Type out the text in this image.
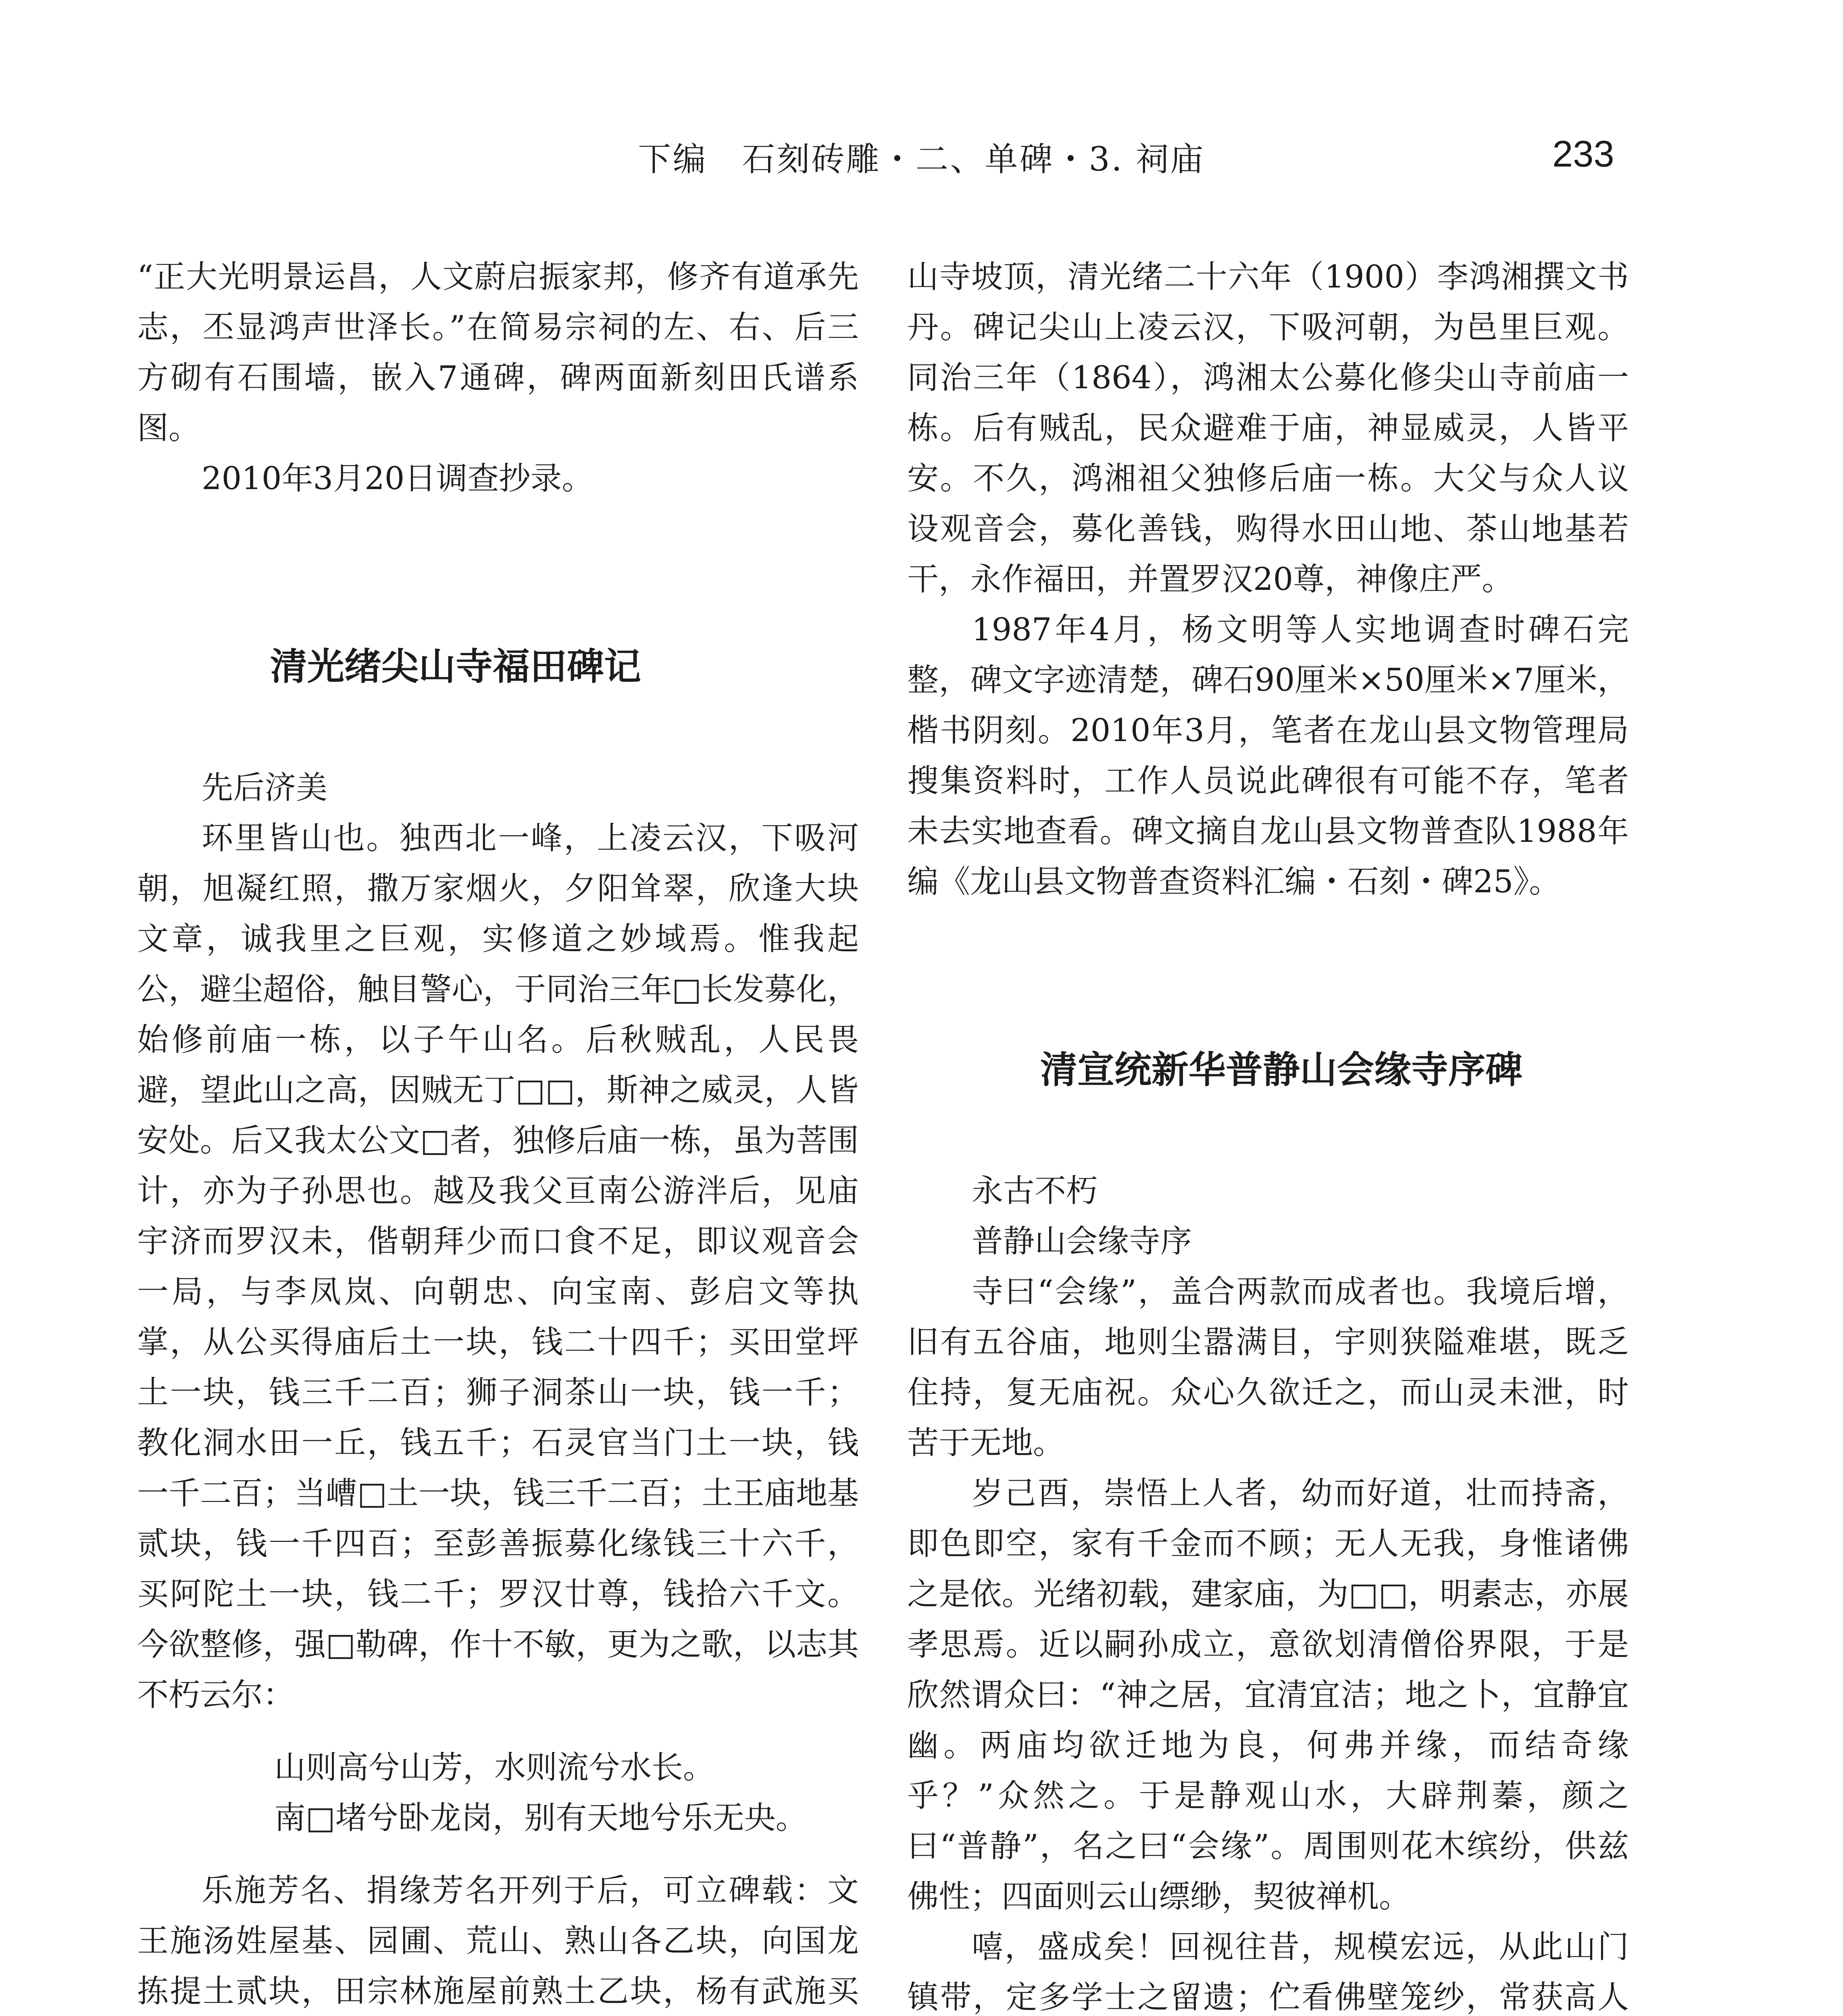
下编　石刻砖雕・二、单碑・3. 祠庙	233

“正大光明景运昌，人文蔚启振家邦，修齐有道承先志，丕显鸿声世泽长。”在简易宗祠的左、右、后三方砌有石围墙，嵌入7通碑，碑两面新刻田氏谱系图。

2010年3月20日调查抄录。

清光绪尖山寺福田碑记

先后济美

环里皆山也。独西北一峰，上凌云汉，下吸河朝，旭凝红照，撒万家烟火，夕阳耸翠，欣逢大块文章，诚我里之巨观，实修道之妙域焉。惟我起公，避尘超俗，触目警心，于同治三年□长发募化，始修前庙一栋，以子午山名。后秋贼乱，人民畏避，望此山之高，因贼无丁□□，斯神之威灵，人皆安处。后又我太公文□者，独修后庙一栋，虽为菩围计，亦为子孙思也。越及我父亘南公游泮后，见庙宇济而罗汉未，偕朝拜少而口食不足，即议观音会一局，与李凤岚、向朝忠、向宝南、彭启文等执掌，从公买得庙后土一块，钱二十四千；买田堂坪土一块，钱三千二百；狮子洞茶山一块，钱一千；教化洞水田一丘，钱五千；石灵官当门土一块，钱一千二百；当嶆□土一块，钱三千二百；土王庙地基贰块，钱一千四百；至彭善振募化缘钱三十六千，买阿陀土一块，钱二千；罗汉廿尊，钱拾六千文。今欲整修，强□勒碑，作十不敏，更为之歌，以志其不朽云尔：

山则高兮山芳，水则流兮水长。

南□堵兮卧龙岗，别有天地兮乐无央。

乐施芳名、捐缘芳名开列于后，可立碑载：文王施汤姓屋基、园圃、荒山、熟山各乙块，向国龙拣提土贰块，田宗林施屋前熟土乙块，杨有武施买

山寺坡顶，清光绪二十六年（1900）李鸿湘撰文书丹。碑记尖山上凌云汉，下吸河朝，为邑里巨观。同治三年（1864），鸿湘太公募化修尖山寺前庙一栋。后有贼乱，民众避难于庙，神显威灵，人皆平安。不久，鸿湘祖父独修后庙一栋。大父与众人议设观音会，募化善钱，购得水田山地、茶山地基若干，永作福田，并置罗汉20尊，神像庄严。

1987年4月，杨文明等人实地调查时碑石完整，碑文字迹清楚，碑石90厘米×50厘米×7厘米，楷书阴刻。2010年3月，笔者在龙山县文物管理局搜集资料时，工作人员说此碑很有可能不存，笔者未去实地查看。碑文摘自龙山县文物普查队1988年编《龙山县文物普查资料汇编・石刻・碑25》。

清宣统新华普静山会缘寺序碑

永古不朽

普静山会缘寺序

寺曰“会缘”，盖合两款而成者也。我境后增，旧有五谷庙，地则尘嚣满目，宇则狭隘难堪，既乏住持，复无庙祝。众心久欲迁之，而山灵未泄，时苦于无地。

岁己酉，崇悟上人者，幼而好道，壮而持斋，即色即空，家有千金而不顾；无人无我，身惟诸佛之是依。光绪初载，建家庙，为□□，明素志，亦展孝思焉。近以嗣孙成立，意欲划清僧俗界限，于是欣然谓众曰：“神之居，宜清宜洁；地之卜，宜静宜幽。两庙均欲迁地为良，何弗并缘，而结奇缘乎？”众然之。于是静观山水，大辟荆蓁，颜之曰“普静”，名之曰“会缘”。周围则花木缤纷，供兹佛性；四面则云山缥缈，契彼禅机。

嘻，盛成矣！回视往昔，规模宏远，从此山门镇带，定多学士之留遗；伫看佛壁笼纱，常获高人
